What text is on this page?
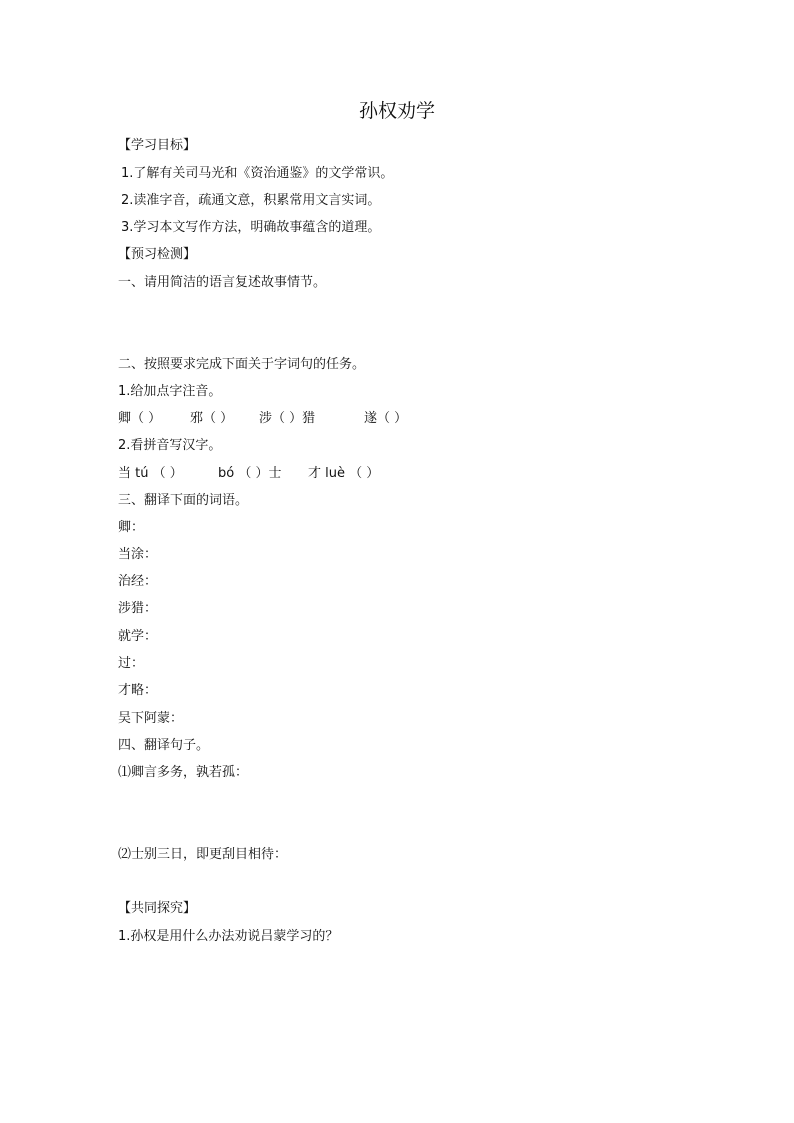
孙权劝学
【学习目标】
1.了解有关司马光和《资治通鉴》的文学常识。
2.读准字音，疏通文意，积累常用文言实词。
3.学习本文写作方法，明确故事蕴含的道理。
【预习检测】
一、请用简洁的语言复述故事情节。
二、按照要求完成下面关于字词句的任务。
1.给加点字注音。
卿（ ） 邪（ ） 涉（ ）猎	遂（ ）
2.看拼音写汉字。
当 tú （ ）	bó （ ）士 才 luè （ ）
三、翻译下面的词语。
卿：
当涂：
治经：
涉猎：
就学：
过：
才略：
吴下阿蒙：
四、翻译句子。
⑴卿言多务，孰若孤：
⑵士别三日，即更刮目相待：
【共同探究】
1.孙权是用什么办法劝说吕蒙学习的？
